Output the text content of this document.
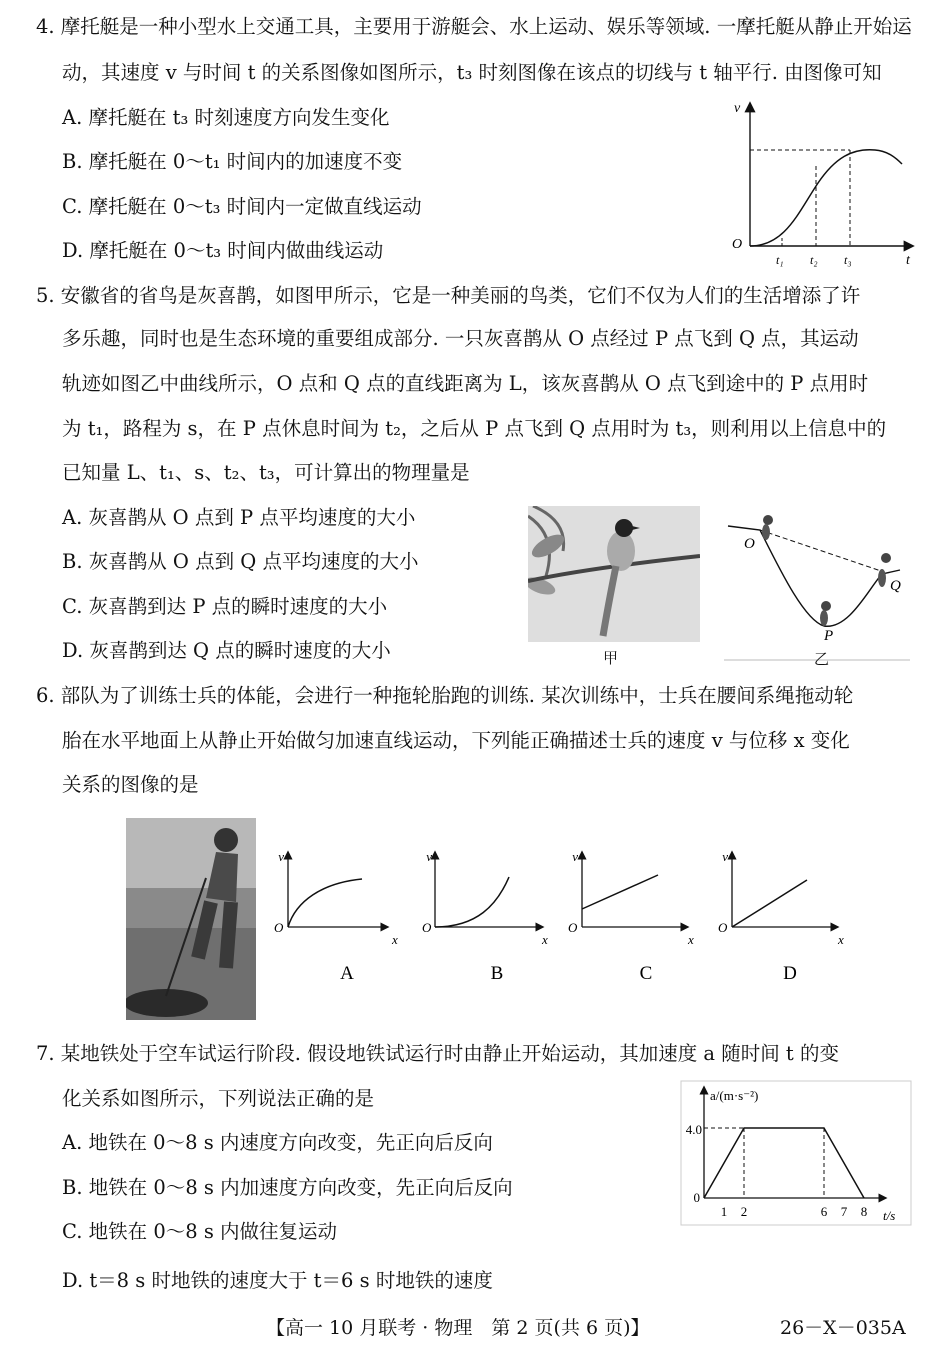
4. 摩托艇是一种小型水上交通工具，主要用于游艇会、水上运动、娱乐等领域. 一摩托艇从静止开始运
动，其速度 v 与时间 t 的关系图像如图所示，t₃ 时刻图像在该点的切线与 t 轴平行. 由图像可知
A. 摩托艇在 t₃ 时刻速度方向发生变化
B. 摩托艇在 0～t₁ 时间内的加速度不变
C. 摩托艇在 0～t₃ 时间内一定做直线运动
D. 摩托艇在 0～t₃ 时间内做曲线运动
v
t
O
t₁ t₂ t₃
5. 安徽省的省鸟是灰喜鹊，如图甲所示，它是一种美丽的鸟类，它们不仅为人们的生活增添了许
多乐趣，同时也是生态环境的重要组成部分. 一只灰喜鹊从 O 点经过 P 点飞到 Q 点，其运动
轨迹如图乙中曲线所示，O 点和 Q 点的直线距离为 L，该灰喜鹊从 O 点飞到途中的 P 点用时
为 t₁，路程为 s，在 P 点休息时间为 t₂，之后从 P 点飞到 Q 点用时为 t₃，则利用以上信息中的
已知量 L、t₁、s、t₂、t₃，可计算出的物理量是
A. 灰喜鹊从 O 点到 P 点平均速度的大小
B. 灰喜鹊从 O 点到 Q 点平均速度的大小
C. 灰喜鹊到达 P 点的瞬时速度的大小
D. 灰喜鹊到达 Q 点的瞬时速度的大小	甲
O
P
Q
乙
6. 部队为了训练士兵的体能，会进行一种拖轮胎跑的训练. 某次训练中，士兵在腰间系绳拖动轮
胎在水平地面上从静止开始做匀加速直线运动，下列能正确描述士兵的速度 v 与位移 x 变化
关系的图像的是
v
x
O
A
v
x
O
B
v
x
O
C
v
x
O
D
7. 某地铁处于空车试运行阶段. 假设地铁试运行时由静止开始运动，其加速度 a 随时间 t 的变
化关系如图所示，下列说法正确的是
A. 地铁在 0～8 s 内速度方向改变，先正向后反向
B. 地铁在 0～8 s 内加速度方向改变，先正向后反向
C. 地铁在 0～8 s 内做往复运动
D. t＝8 s 时地铁的速度大于 t＝6 s 时地铁的速度
1 2	6 7 8
a/(m·s⁻²)
t/s
4.0
0
【高一 10 月联考 · 物理　第 2 页(共 6 页)】	26－X－035A
